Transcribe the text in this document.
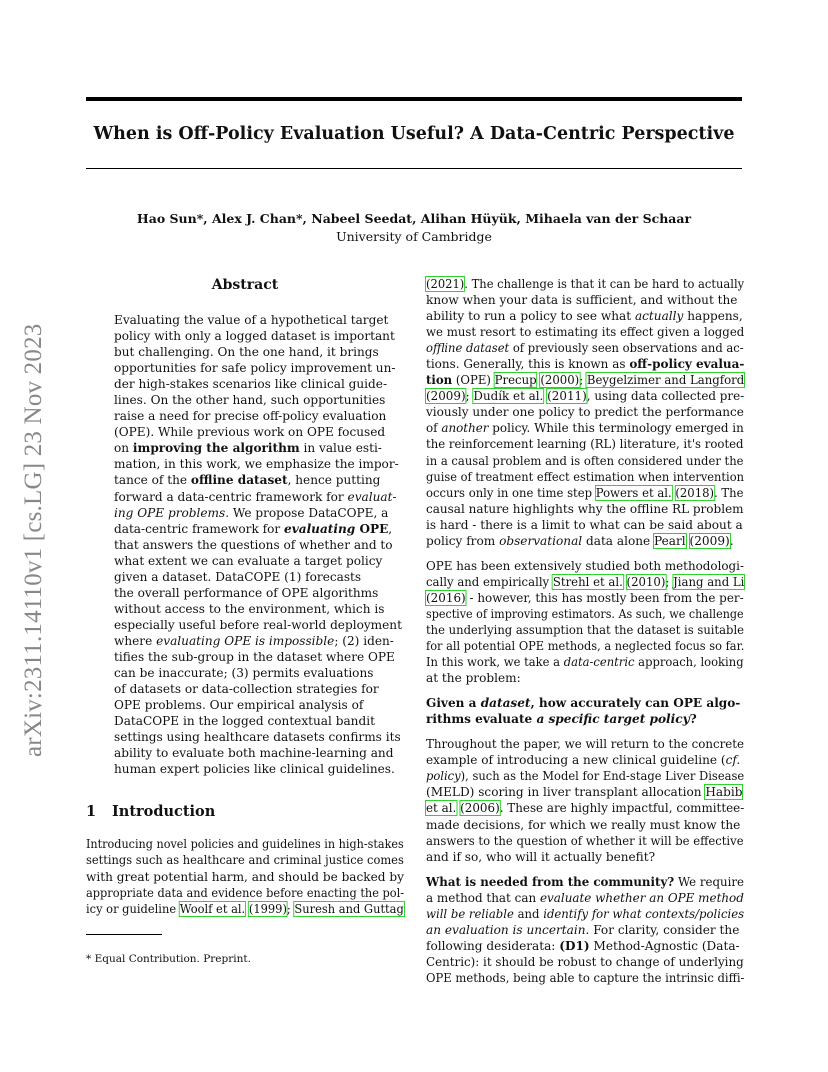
arXiv:2311.14110v1 [cs.LG] 23 Nov 2023
When is Off-Policy Evaluation Useful? A Data-Centric Perspective
Hao Sun*, Alex J. Chan*, Nabeel Seedat, Alihan Hüyük, Mihaela van der Schaar
University of Cambridge
Abstract
Evaluating the value of a hypothetical target
policy with only a logged dataset is important
but challenging. On the one hand, it brings
opportunities for safe policy improvement un-
der high-stakes scenarios like clinical guide-
lines. On the other hand, such opportunities
raise a need for precise off-policy evaluation
(OPE). While previous work on OPE focused
on improving the algorithm in value esti-
mation, in this work, we emphasize the impor-
tance of the offline dataset, hence putting
forward a data-centric framework for evaluat-
ing OPE problems. We propose DataCOPE, a
data-centric framework for evaluating OPE,
that answers the questions of whether and to
what extent we can evaluate a target policy
given a dataset. DataCOPE (1) forecasts
the overall performance of OPE algorithms
without access to the environment, which is
especially useful before real-world deployment
where evaluating OPE is impossible; (2) iden-
tifies the sub-group in the dataset where OPE
can be inaccurate; (3) permits evaluations
of datasets or data-collection strategies for
OPE problems. Our empirical analysis of
DataCOPE in the logged contextual bandit
settings using healthcare datasets confirms its
ability to evaluate both machine-learning and
human expert policies like clinical guidelines.
1 Introduction
Introducing novel policies and guidelines in high-stakes
settings such as healthcare and criminal justice comes
with great potential harm, and should be backed by
appropriate data and evidence before enacting the pol-
icy or guideline Woolf et al. (1999); Suresh and Guttag
(2021). The challenge is that it can be hard to actually
know when your data is sufficient, and without the
ability to run a policy to see what actually happens,
we must resort to estimating its effect given a logged
offline dataset of previously seen observations and ac-
tions. Generally, this is known as off-policy evalua-
tion (OPE) Precup (2000); Beygelzimer and Langford
(2009); Dudík et al. (2011), using data collected pre-
viously under one policy to predict the performance
of another policy. While this terminology emerged in
the reinforcement learning (RL) literature, it's rooted
in a causal problem and is often considered under the
guise of treatment effect estimation when intervention
occurs only in one time step Powers et al. (2018). The
causal nature highlights why the offline RL problem
is hard - there is a limit to what can be said about a
policy from observational data alone Pearl (2009).
OPE has been extensively studied both methodologi-
cally and empirically Strehl et al. (2010); Jiang and Li
(2016) - however, this has mostly been from the per-
spective of improving estimators. As such, we challenge
the underlying assumption that the dataset is suitable
for all potential OPE methods, a neglected focus so far.
In this work, we take a data-centric approach, looking
at the problem:
Given a dataset, how accurately can OPE algo-
rithms evaluate a specific target policy?
Throughout the paper, we will return to the concrete
example of introducing a new clinical guideline (cf.
policy), such as the Model for End-stage Liver Disease
(MELD) scoring in liver transplant allocation Habib
et al. (2006). These are highly impactful, committee-
made decisions, for which we really must know the
answers to the question of whether it will be effective
and if so, who will it actually benefit?
What is needed from the community? We require
a method that can evaluate whether an OPE method
will be reliable and identify for what contexts/policies
an evaluation is uncertain. For clarity, consider the
following desiderata: (D1) Method-Agnostic (Data-
Centric): it should be robust to change of underlying
OPE methods, being able to capture the intrinsic diffi-
* Equal Contribution. Preprint.
